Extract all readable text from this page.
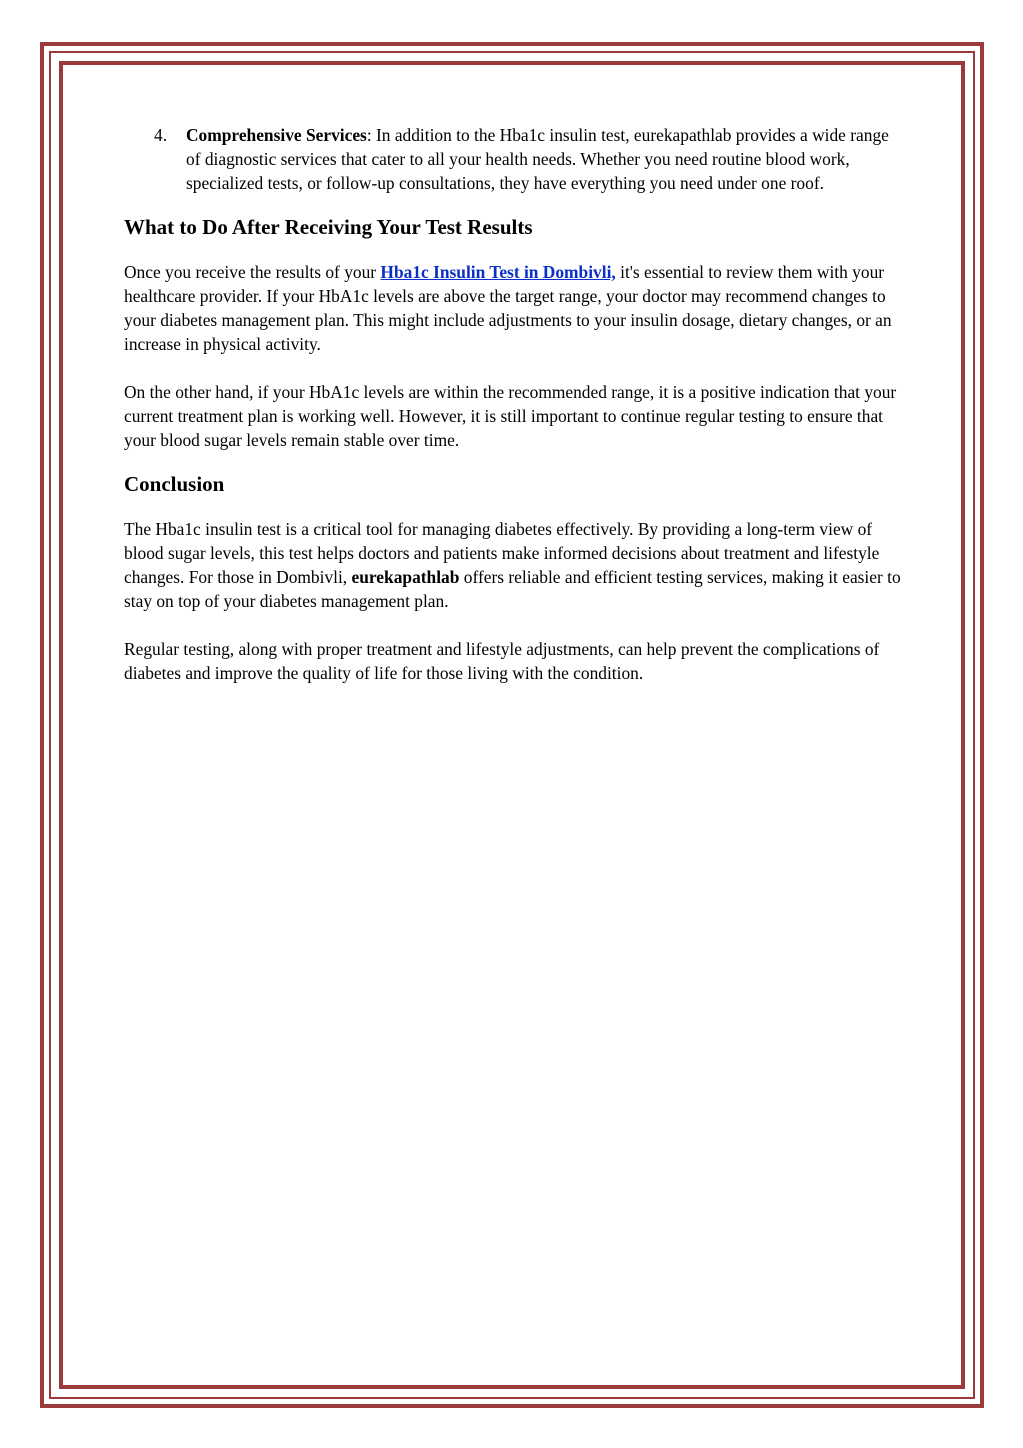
4. Comprehensive Services: In addition to the Hba1c insulin test, eurekapathlab provides a wide range of diagnostic services that cater to all your health needs. Whether you need routine blood work, specialized tests, or follow-up consultations, they have everything you need under one roof.
What to Do After Receiving Your Test Results

Once you receive the results of your Hba1c Insulin Test in Dombivli, it's essential to review them with your healthcare provider. If your HbA1c levels are above the target range, your doctor may recommend changes to your diabetes management plan. This might include adjustments to your insulin dosage, dietary changes, or an increase in physical activity.

On the other hand, if your HbA1c levels are within the recommended range, it is a positive indication that your current treatment plan is working well. However, it is still important to continue regular testing to ensure that your blood sugar levels remain stable over time.

Conclusion

The Hba1c insulin test is a critical tool for managing diabetes effectively. By providing a long-term view of blood sugar levels, this test helps doctors and patients make informed decisions about treatment and lifestyle changes. For those in Dombivli, eurekapathlab offers reliable and efficient testing services, making it easier to stay on top of your diabetes management plan.

Regular testing, along with proper treatment and lifestyle adjustments, can help prevent the complications of diabetes and improve the quality of life for those living with the condition.
